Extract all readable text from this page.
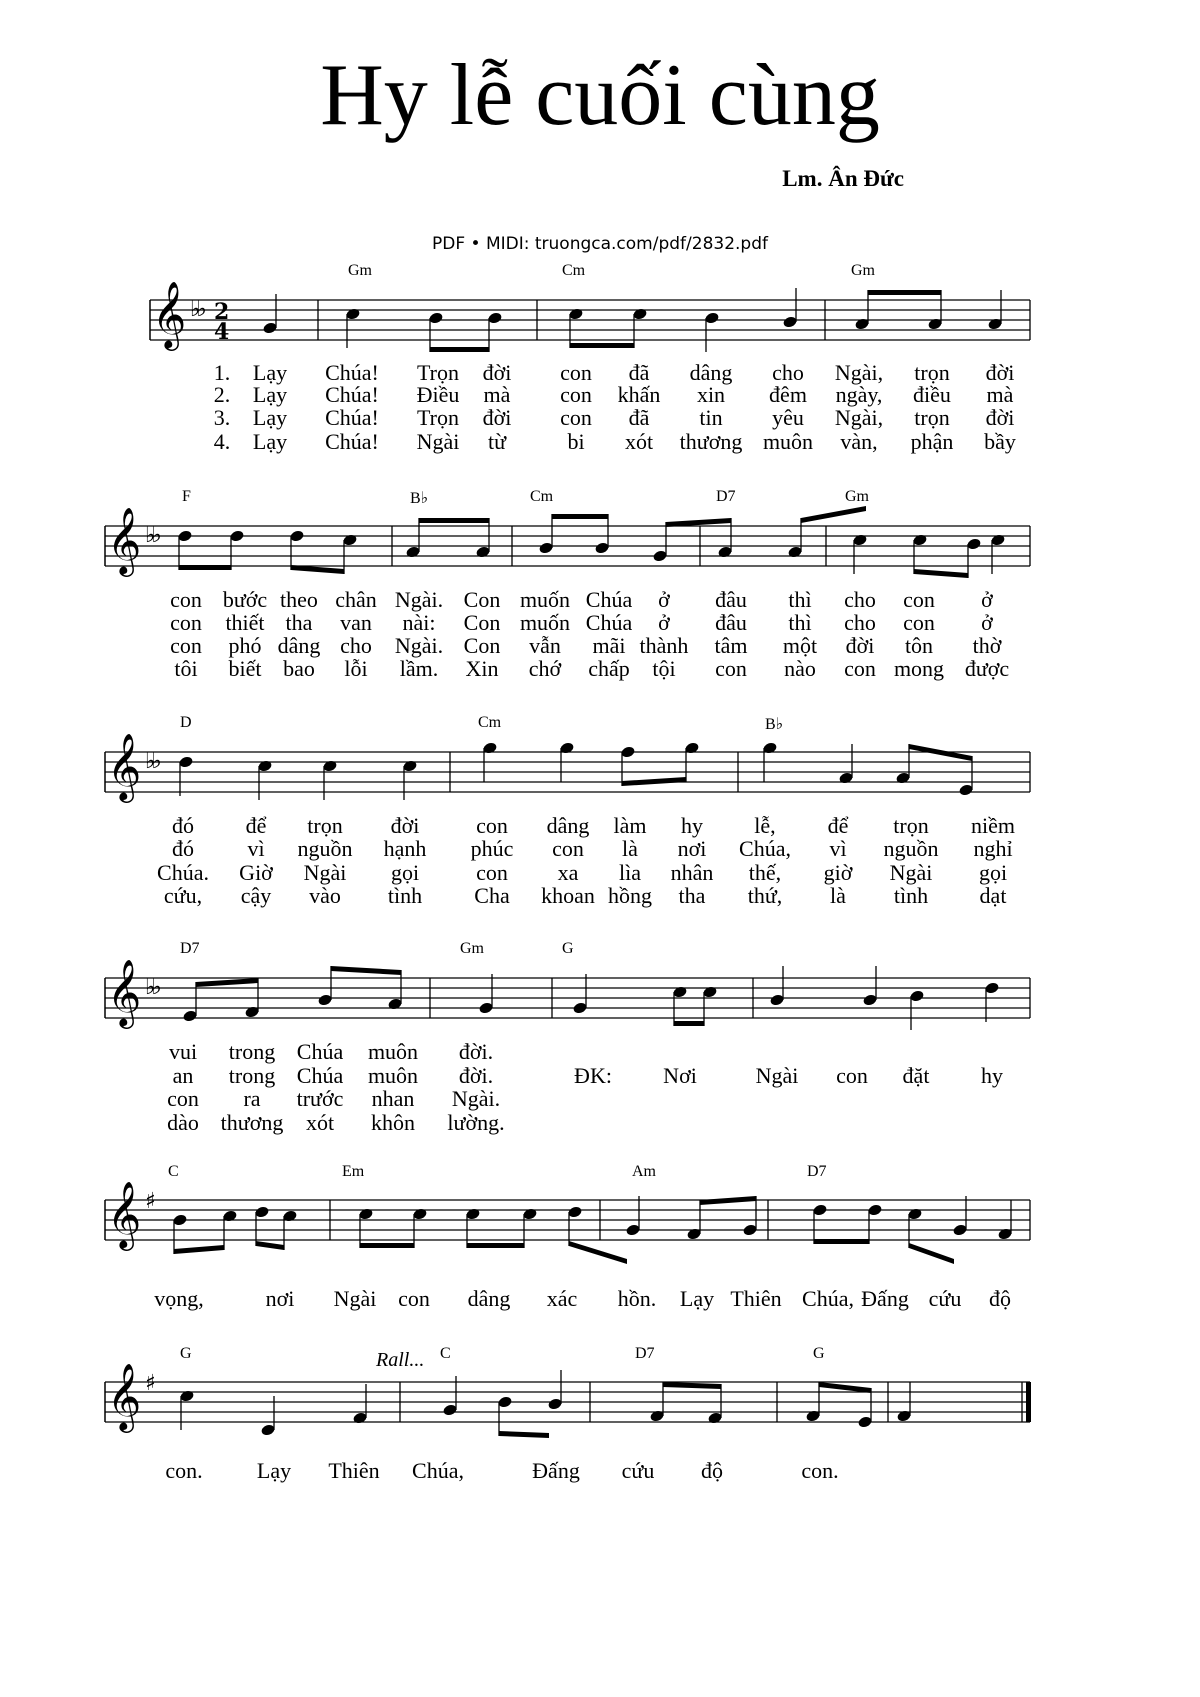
Hy lễ cuối cùng
Lm. Ân Đức
PDF • MIDI: truongca.com/pdf/2832.pdf
𝄞 ♭♭ 2
4
Gm	Cm	Gm
1. Lạy Chúa! Trọn đời con đã dâng cho Ngài, trọn đời
2. Lạy Chúa! Điều mà con khấn xin đêm ngày, điều mà
3. Lạy Chúa! Trọn đời con đã tin yêu Ngài, trọn đời
4. Lạy Chúa! Ngài từ	bi xót thương muôn vàn, phận bầy
𝄞 ♭♭
F	B♭	Cm	D7	Gm
con bước theo chân Ngài. Con muốn Chúa ở đâu thì cho con ở
con thiết tha van nài: Con muốn Chúa ở đâu thì cho con ở
con phó dâng cho Ngài. Con vẫn mãi thành tâm một đời tôn thờ
tôi biết bao lỗi lầm. Xin chớ chấp tội con nào con mong được
𝄞 ♭♭
D	Cm	B♭
đó để trọn đời	con dâng làm hy lễ, để trọn niềm
đó vì nguồn hạnh phúc con là nơi Chúa, vì nguồn nghỉ
Chúa. Giờ Ngài gọi	con xa lìa nhân thế, giờ Ngài gọi
cứu, cậy vào tình Cha khoan hồng tha thứ, là tình dạt
𝄞 ♭♭
D7	Gm	G
vui trong Chúa muôn đời.
an trong Chúa muôn đời.	ĐK: Nơi	Ngài con đặt hy
con ra trước nhan Ngài.
dào thương xót khôn lường.
𝄞 ♯
C	Em	Am	D7
vọng,	nơi Ngài con dâng xác hồn. Lạy Thiên Chúa, Đấng cứu độ
𝄞 ♯
G	C	D7	G
con. Lạy Thiên Chúa,	Đấng cứu độ	con.
Rall...
